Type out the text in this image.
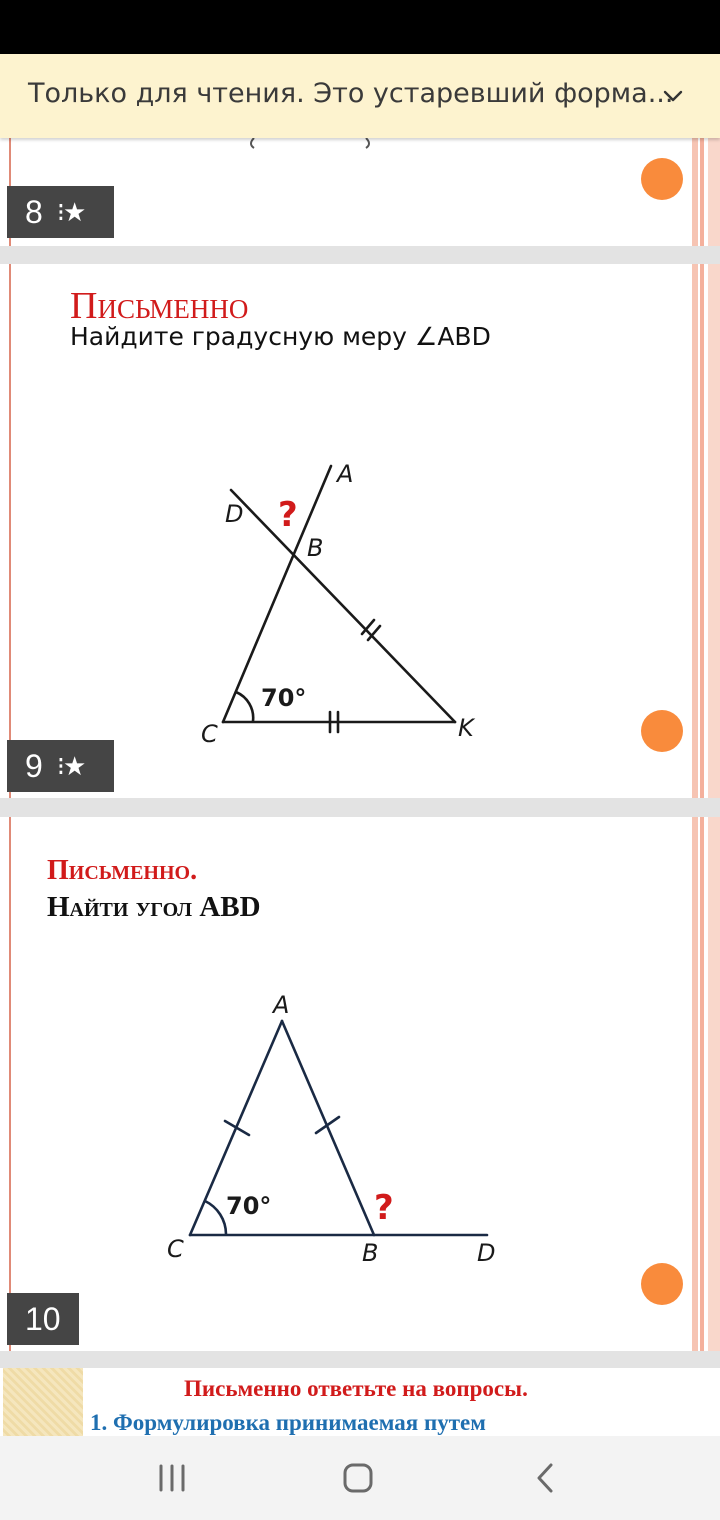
Только для чтения. Это устаревший форма...
8 ⁝★
Письменно
Найдите градусную меру ∠ABD
A
D
B
C	K
70°
?
9 ⁝★
Письменно.
Найти угол ABD
A
C	B	D
70°	?
10
Письменно ответьте на вопросы.
1. Формулировка принимаемая путем
